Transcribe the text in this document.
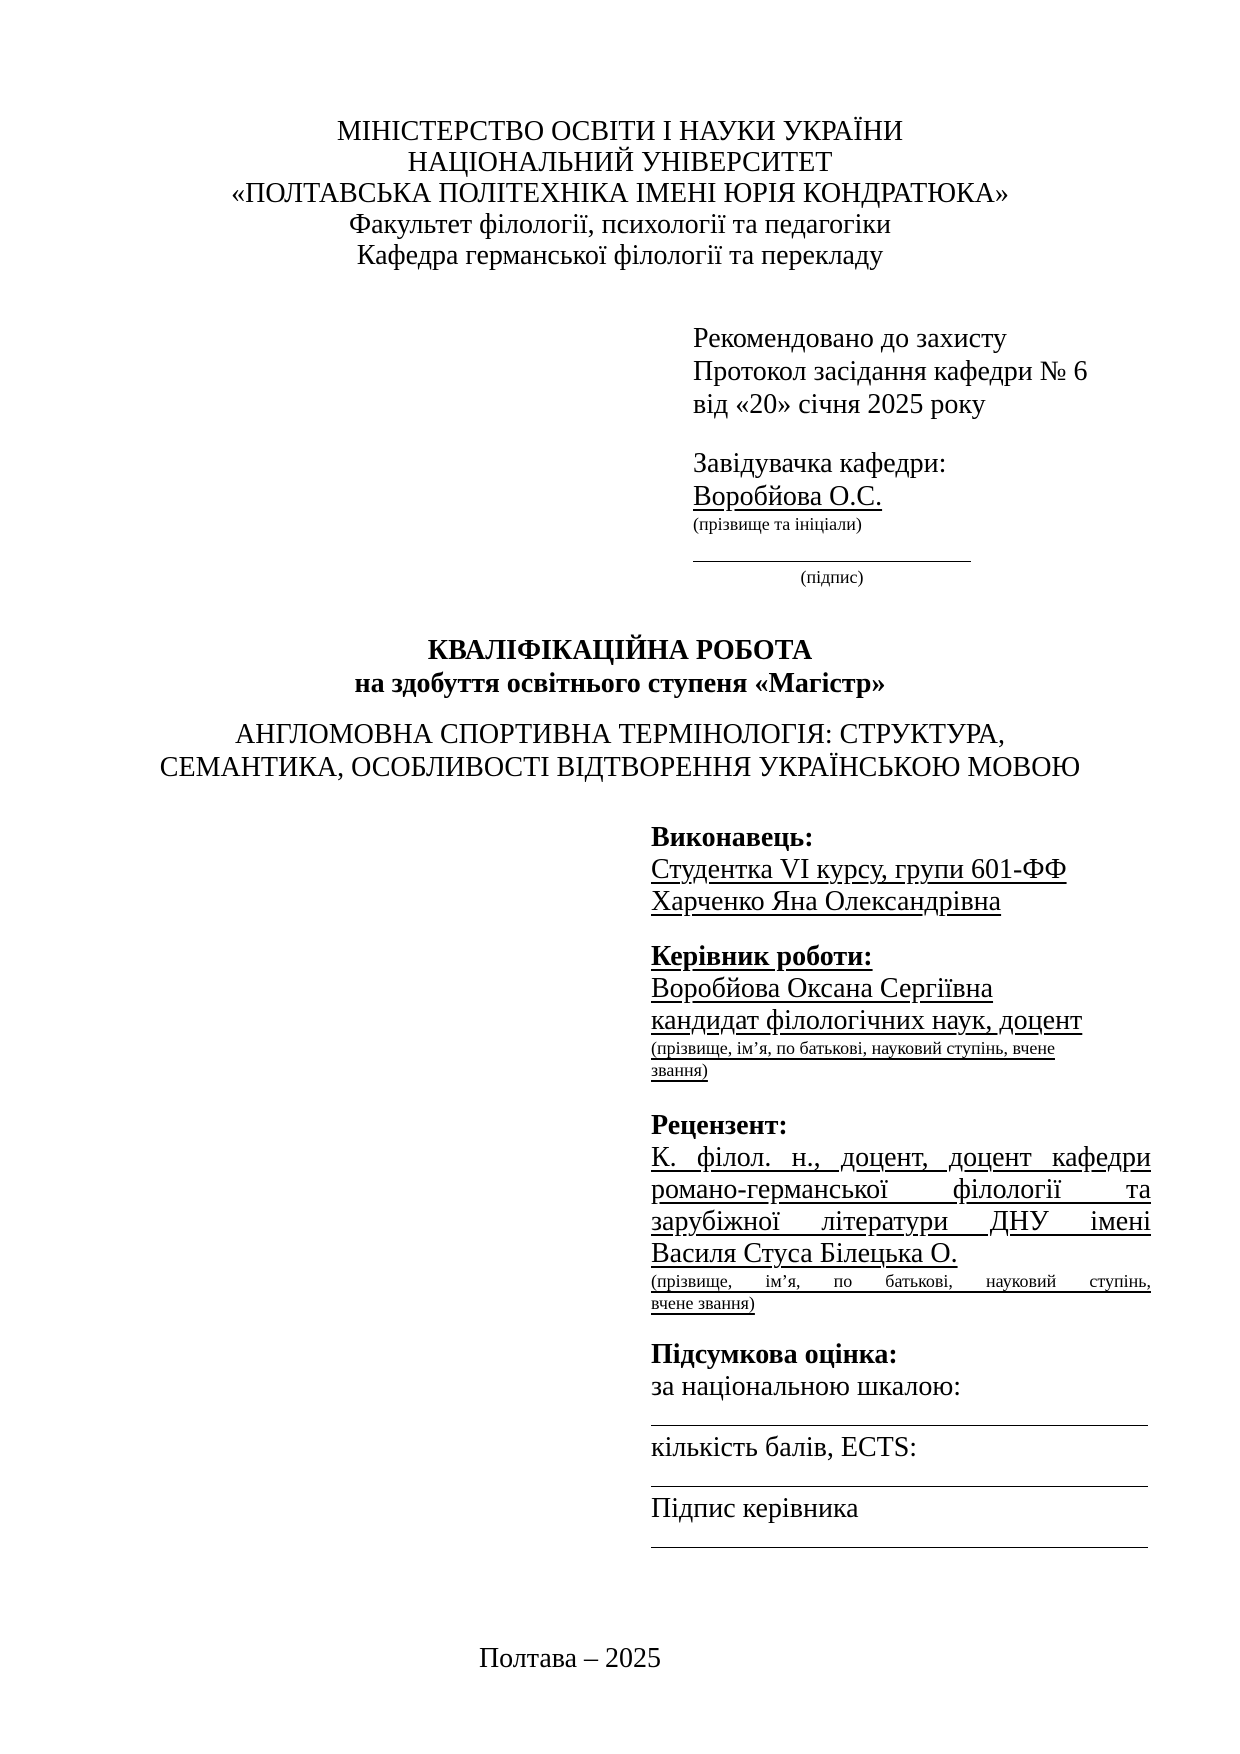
МІНІСТЕРСТВО ОСВІТИ І НАУКИ УКРАЇНИ
НАЦІОНАЛЬНИЙ УНІВЕРСИТЕТ
«ПОЛТАВСЬКА ПОЛІТЕХНІКА ІМЕНІ ЮРІЯ КОНДРАТЮКА»
Факультет філології, психології та педагогіки
Кафедра германської філології та перекладу
Рекомендовано до захисту
Протокол засідання кафедри № 6
від «20» січня 2025 року
Завідувачка кафедри:
Воробйова О.С.
(прізвище та ініціали)
(підпис)
КВАЛІФІКАЦІЙНА РОБОТА
на здобуття освітнього ступеня «Магістр»
АНГЛОМОВНА СПОРТИВНА ТЕРМІНОЛОГІЯ: СТРУКТУРА,
СЕМАНТИКА, ОСОБЛИВОСТІ ВІДТВОРЕННЯ УКРАЇНСЬКОЮ МОВОЮ
Виконавець:
Студентка VI курсу, групи 601-ФФ
Харченко Яна Олександрівна
Керівник роботи:
Воробйова Оксана Сергіївна
кандидат філологічних наук, доцент
(прізвище, ім’я, по батькові, науковий ступінь, вчене
звання)
Рецензент:
К. філол. н., доцент, доцент кафедри
романо-германської філології та
зарубіжної літератури ДНУ імені
Василя Стуса Білецька О.
(прізвище, ім’я, по батькові, науковий ступінь,
вчене звання)
Підсумкова оцінка:
за національною шкалою:
кількість балів, ECTS:
Підпис керівника
Полтава – 2025
